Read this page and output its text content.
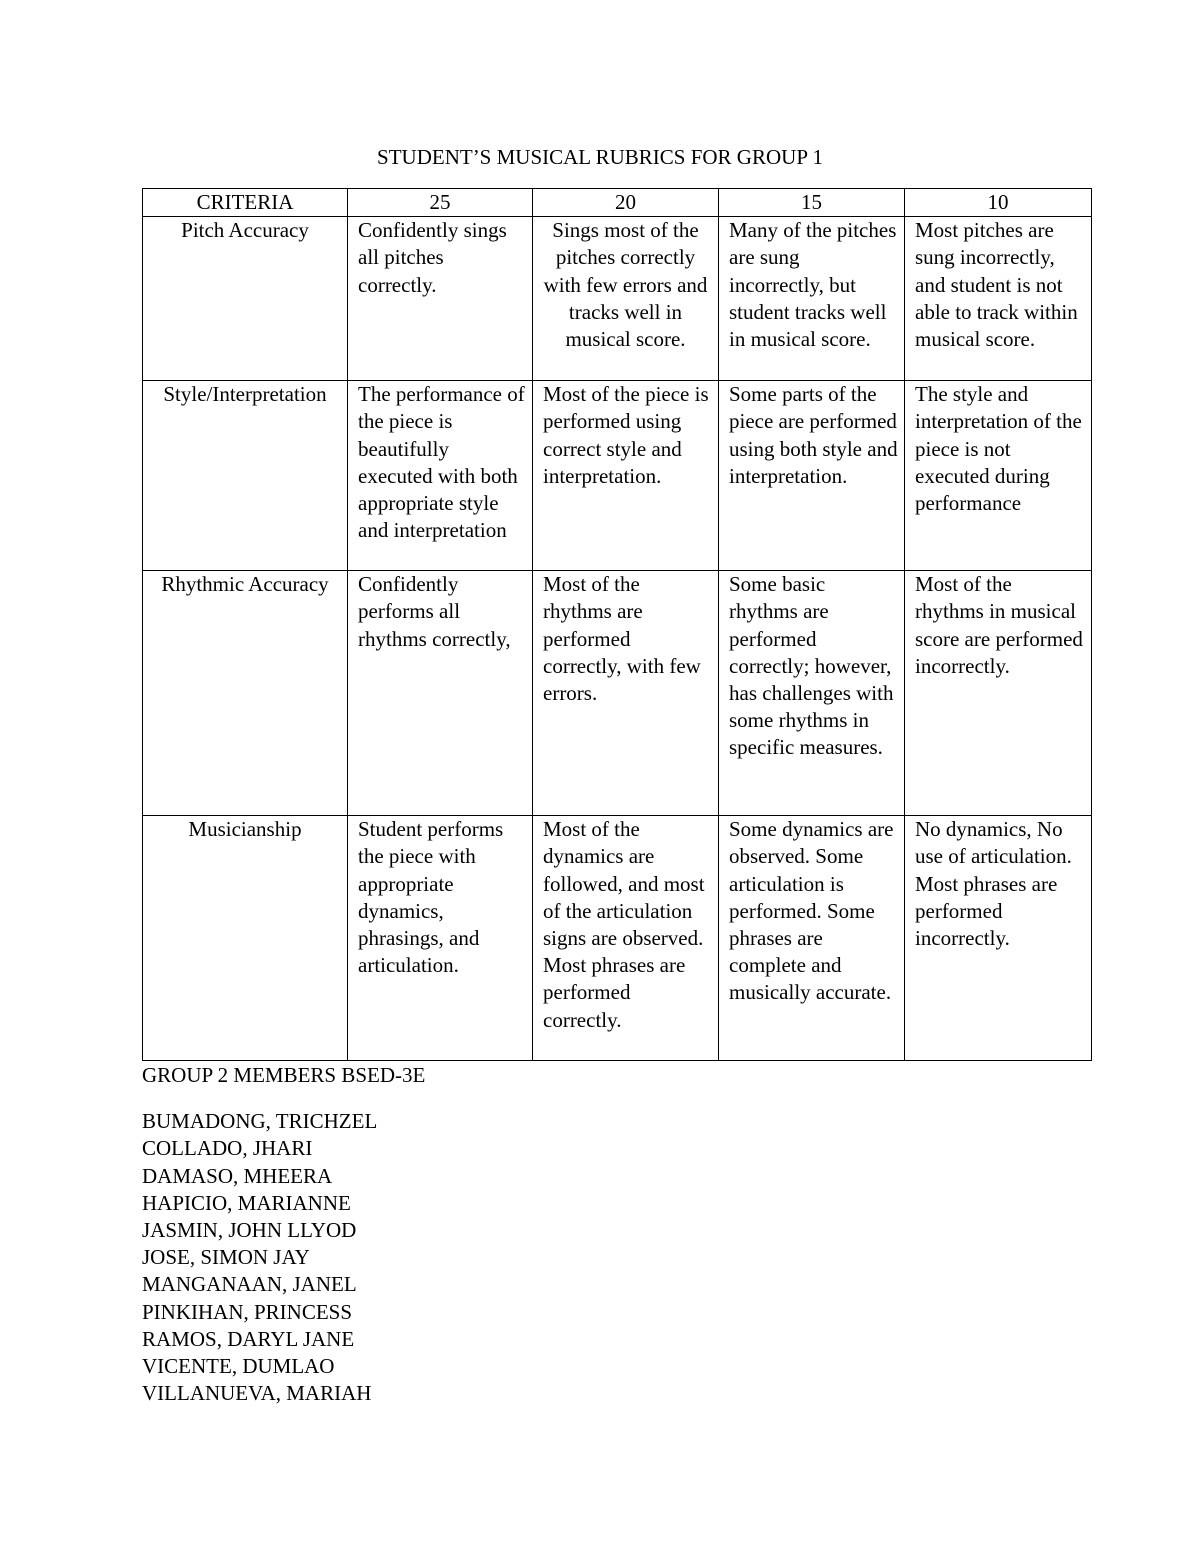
STUDENT’S MUSICAL RUBRICS FOR GROUP 1
CRITERIA	25	20	15	10
Pitch Accuracy	Confidently sings all pitches correctly.	Sings most of the pitches correctly with few errors and tracks well in musical score.	Many of the pitches are sung incorrectly, but student tracks well in musical score.	Most pitches are sung incorrectly, and student is not able to track within musical score.
Style/Interpretation	The performance of the piece is beautifully executed with both appropriate style and interpretation	Most of the piece is performed using correct style and interpretation.	Some parts of the piece are performed using both style and interpretation.	The style and interpretation of the piece is not executed during performance
Rhythmic Accuracy	Confidently performs all rhythms correctly,	Most of the rhythms are performed correctly, with few errors.	Some basic rhythms are performed correctly; however, has challenges with some rhythms in specific measures.	Most of the rhythms in musical score are performed incorrectly.
Musicianship	Student performs the piece with appropriate dynamics, phrasings, and articulation.	Most of the dynamics are followed, and most of the articulation signs are observed. Most phrases are performed correctly.	Some dynamics are observed. Some articulation is performed. Some phrases are complete and musically accurate.	No dynamics, No use of articulation. Most phrases are performed incorrectly.
GROUP 2 MEMBERS BSED-3E
BUMADONG, TRICHZEL
COLLADO, JHARI
DAMASO, MHEERA
HAPICIO, MARIANNE
JASMIN, JOHN LLYOD
JOSE, SIMON JAY
MANGANAAN, JANEL
PINKIHAN, PRINCESS
RAMOS, DARYL JANE
VICENTE, DUMLAO
VILLANUEVA, MARIAH
